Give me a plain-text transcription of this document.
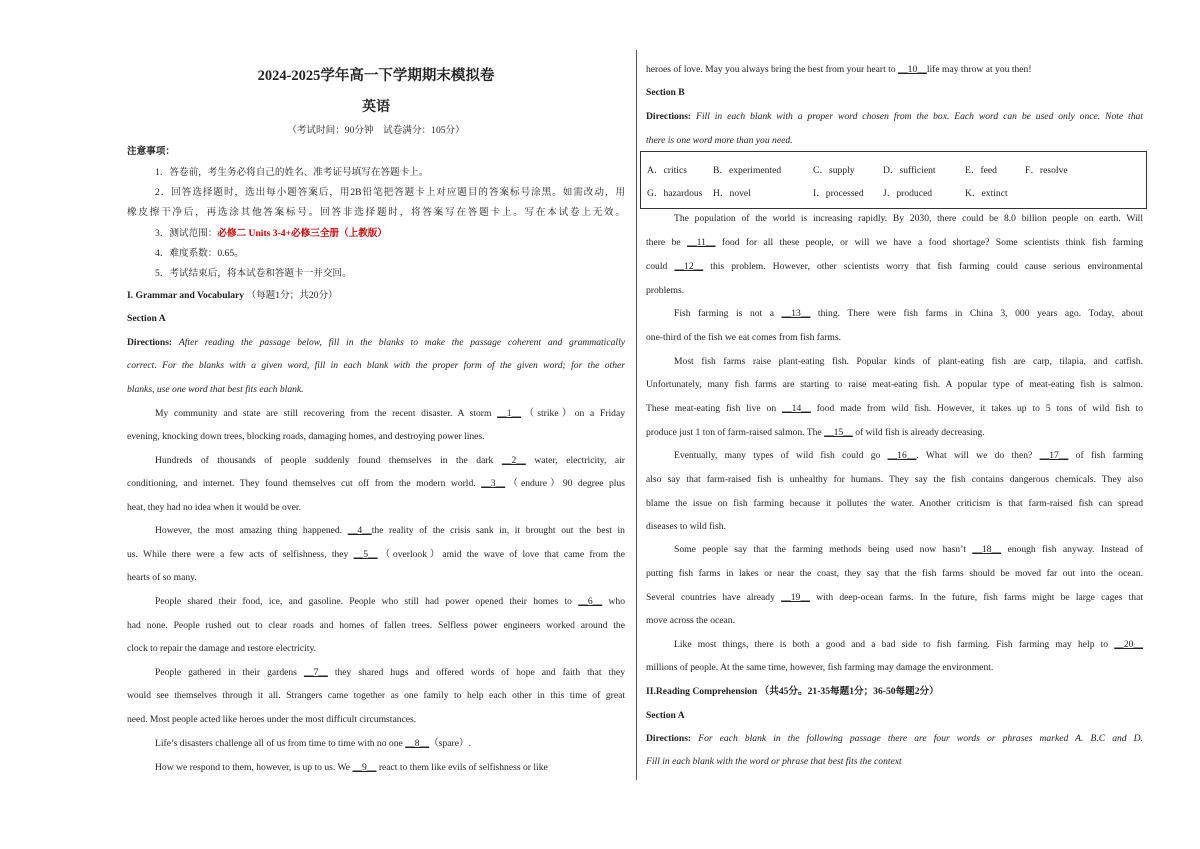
2024-2025学年高一下学期期末模拟卷
英语
（考试时间：90分钟　试卷满分：105分）
注意事项：
1．答卷前，考生务必将自己的姓名、准考证号填写在答题卡上。
2．回答选择题时，选出每小题答案后，用2B铅笔把答题卡上对应题目的答案标号涂黑。如需改动，用
橡皮擦干净后，再选涂其他答案标号。回答非选择题时，将答案写在答题卡上。写在本试卷上无效。
3．测试范围：必修二 Units 3-4+必修三全册（上教版）
4．难度系数：0.65。
5．考试结束后，将本试卷和答题卡一并交回。
I. Grammar and Vocabulary （每题1分；共20分）
Section A
Directions: After reading the passage below, fill in the blanks to make the passage coherent and grammatically
correct. For the blanks with a given word, fill in each blank with the proper form of the given word; for the other
blanks, use one word that best fits each blank.
My community and state are still recovering from the recent disaster. A storm __1__（strike）on a Friday
evening, knocking down trees, blocking roads, damaging homes, and destroying power lines.
Hundreds of thousands of people suddenly found themselves in the dark __2__ water, electricity, air
conditioning, and internet. They found themselves cut off from the modern world. __3__（endure）90 degree plus
heat, they had no idea when it would be over.
However, the most amazing thing happened. __4__the reality of the crisis sank in, it brought out the best in
us. While there were a few acts of selfishness, they __5__（overlook）amid the wave of love that came from the
hearts of so many.
People shared their food, ice, and gasoline. People who still had power opened their homes to __6__ who
had none. People rushed out to clear roads and homes of fallen trees. Selfless power engineers worked around the
clock to repair the damage and restore electricity.
People gathered in their gardens __7__ they shared hugs and offered words of hope and faith that they
would see themselves through it all. Strangers came together as one family to help each other in this time of great
need. Most people acted like heroes under the most difficult circumstances.
Life’s disasters challenge all of us from time to time with no one __8__（spare）.
How we respond to them, however, is up to us. We __9__ react to them like evils of selfishness or like
heroes of love. May you always bring the best from your heart to __10__life may throw at you then!
Section B
Directions: Fill in each blank with a proper word chosen from the box. Each word can be used only once. Note that
there is one word more than you need.
A．critics	B．experimented	C．supply	D．sufficient	E．feed	F．resolve
G．hazardous H．novel	I．processed J．produced	K．extinct
The population of the world is increasing rapidly. By 2030, there could be 8.0 billion people on earth. Will
there be __11__ food for all these people, or will we have a food shortage? Some scientists think fish farming
could __12__ this problem. However, other scientists worry that fish farming could cause serious environmental
problems.
Fish farming is not a __13__ thing. There were fish farms in China 3, 000 years ago. Today, about
one-third of the fish we eat comes from fish farms.
Most fish farms raise plant-eating fish. Popular kinds of plant-eating fish are carp, tilapia, and catfish.
Unfortunately, many fish farms are starting to raise meat-eating fish. A popular type of meat-eating fish is salmon.
These meat-eating fish live on __14__ food made from wild fish. However, it takes up to 5 tons of wild fish to
produce just 1 ton of farm-raised salmon. The __15__ of wild fish is already decreasing.
Eventually, many types of wild fish could go __16__. What will we do then? __17__ of fish farming
also say that farm-raised fish is unhealthy for humans. They say the fish contains dangerous chemicals. They also
blame the issue on fish farming because it pollutes the water. Another criticism is that farm-raised fish can spread
diseases to wild fish.
Some people say that the farming methods being used now hasn’t __18__ enough fish anyway. Instead of
putting fish farms in lakes or near the coast, they say that the fish farms should be moved far out into the ocean.
Several countries have already __19__ with deep-ocean farms. In the future, fish farms might be large cages that
move across the ocean.
Like most things, there is both a good and a bad side to fish farming. Fish farming may help to __20__
millions of people. At the same time, however, fish farming may damage the environment.
II.Reading Comprehension （共45分。21-35每题1分；36-50每题2分）
Section A
Directions: For each blank in the following passage there are four words or phrases marked A. B.C and D.
Fill in each blank with the word or phrase that best fits the context
